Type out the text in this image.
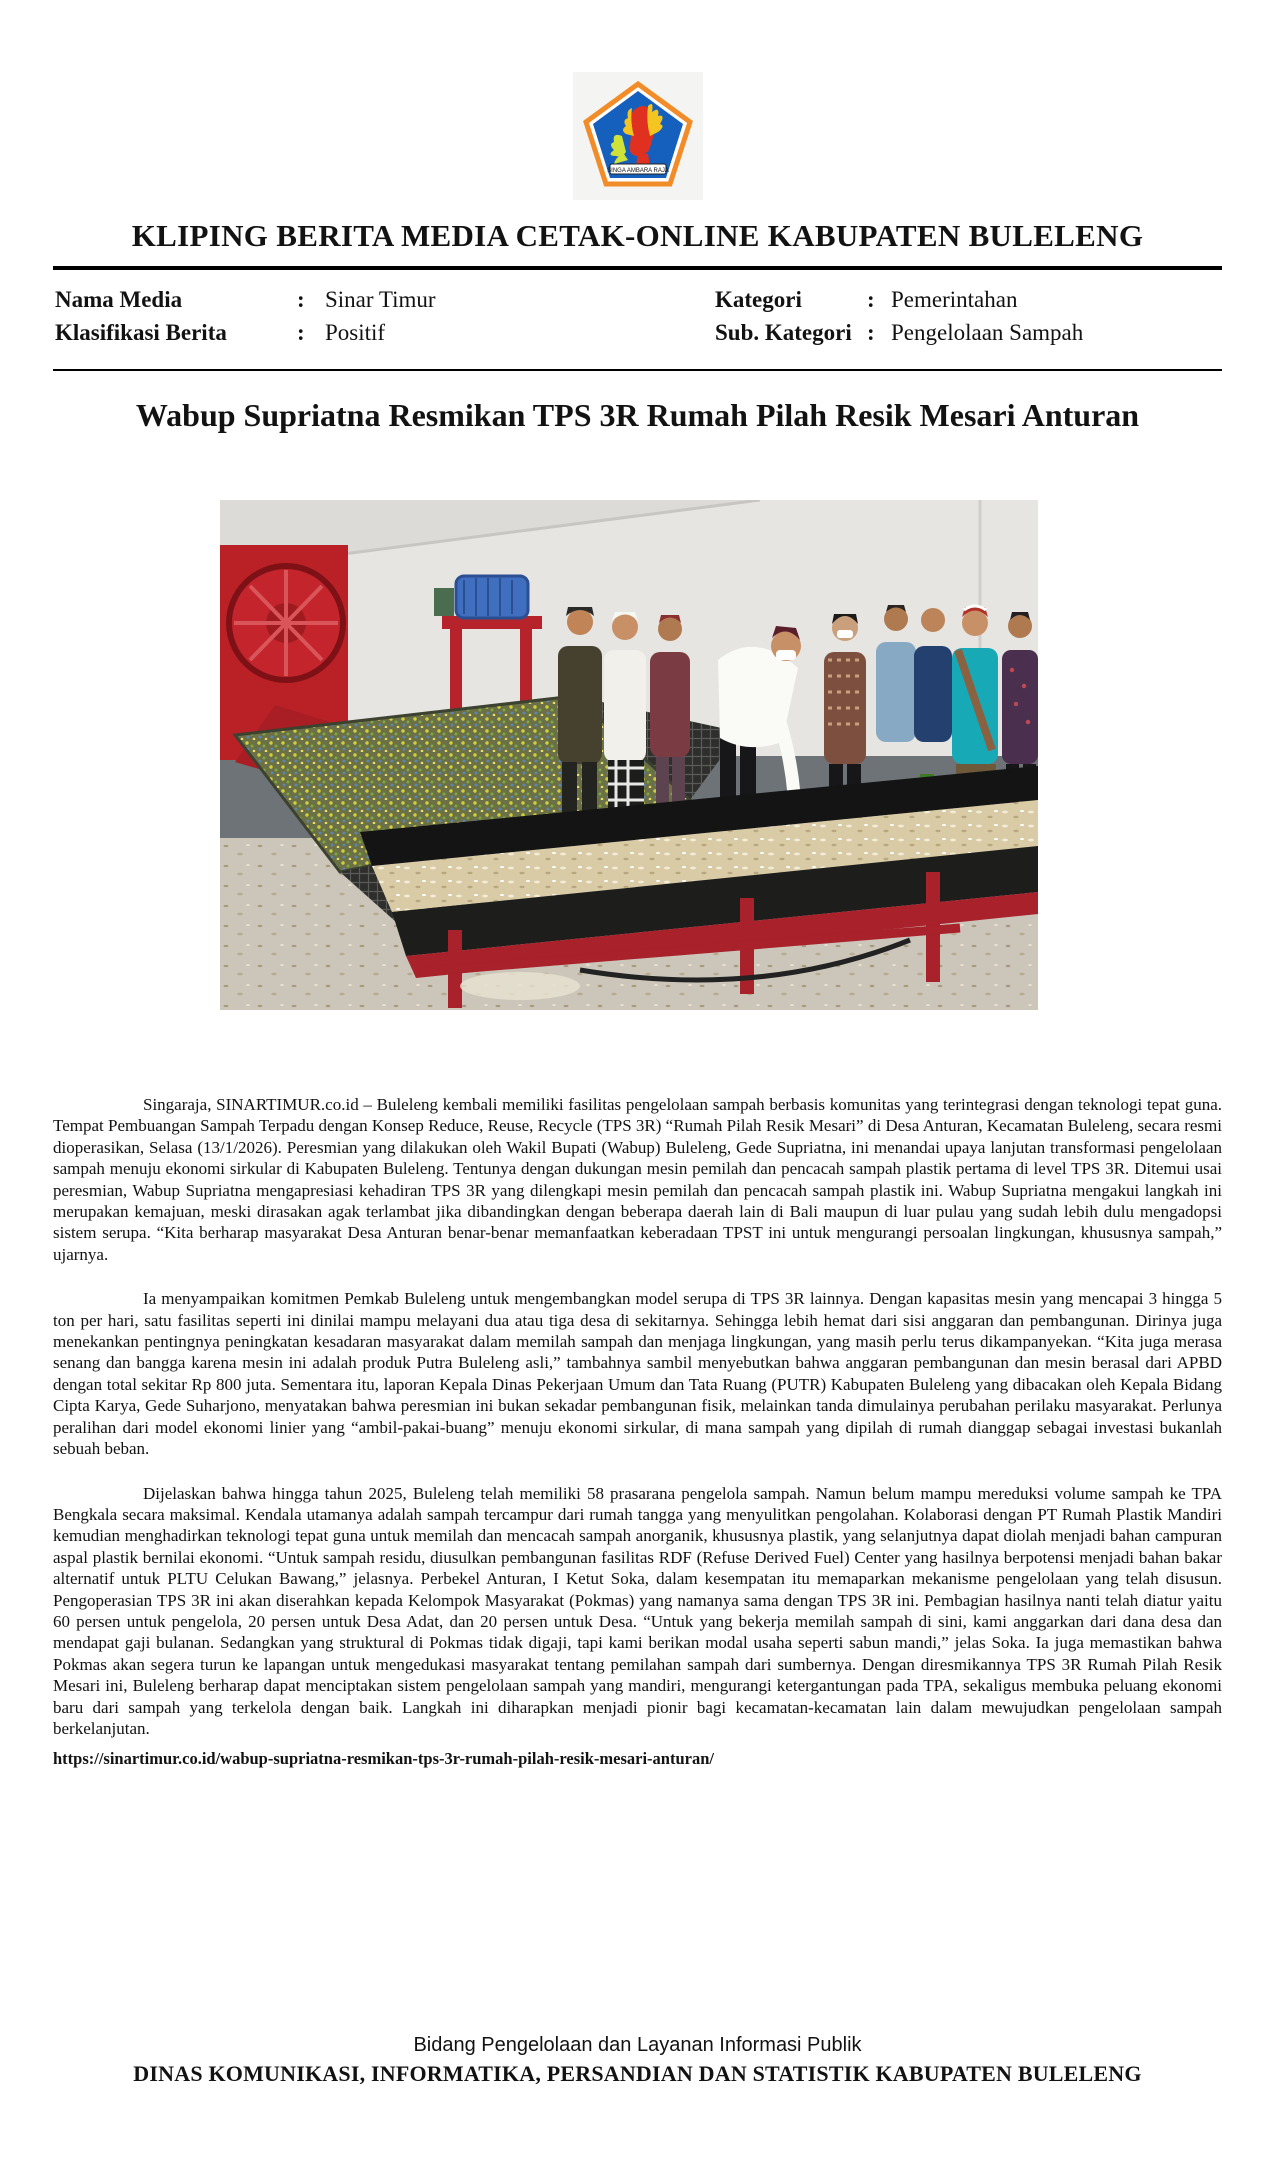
SINGA AMBARA RAJA
KLIPING BERITA MEDIA CETAK-ONLINE KABUPATEN BULELENG
Nama Media	: Sinar Timur
Klasifikasi Berita	: Positif
Kategori	: Pemerintahan
Sub. Kategori : Pengelolaan Sampah
Wabup Supriatna Resmikan TPS 3R Rumah Pilah Resik Mesari Anturan

Singaraja, SINARTIMUR.co.id – Buleleng kembali memiliki fasilitas pengelolaan sampah berbasis komunitas yang terintegrasi dengan teknologi tepat guna. Tempat Pembuangan Sampah Terpadu dengan Konsep Reduce, Reuse, Recycle (TPS 3R) “Rumah Pilah Resik Mesari” di Desa Anturan, Kecamatan Buleleng, secara resmi dioperasikan, Selasa (13/1/2026). Peresmian yang dilakukan oleh Wakil Bupati (Wabup) Buleleng, Gede Supriatna, ini menandai upaya lanjutan transformasi pengelolaan sampah menuju ekonomi sirkular di Kabupaten Buleleng. Tentunya dengan dukungan mesin pemilah dan pencacah sampah plastik pertama di level TPS 3R. Ditemui usai peresmian, Wabup Supriatna mengapresiasi kehadiran TPS 3R yang dilengkapi mesin pemilah dan pencacah sampah plastik ini. Wabup Supriatna mengakui langkah ini merupakan kemajuan, meski dirasakan agak terlambat jika dibandingkan dengan beberapa daerah lain di Bali maupun di luar pulau yang sudah lebih dulu mengadopsi sistem serupa. “Kita berharap masyarakat Desa Anturan benar-benar memanfaatkan keberadaan TPST ini untuk mengurangi persoalan lingkungan, khususnya sampah,” ujarnya.

Ia menyampaikan komitmen Pemkab Buleleng untuk mengembangkan model serupa di TPS 3R lainnya. Dengan kapasitas mesin yang mencapai 3 hingga 5 ton per hari, satu fasilitas seperti ini dinilai mampu melayani dua atau tiga desa di sekitarnya. Sehingga lebih hemat dari sisi anggaran dan pembangunan. Dirinya juga menekankan pentingnya peningkatan kesadaran masyarakat dalam memilah sampah dan menjaga lingkungan, yang masih perlu terus dikampanyekan. “Kita juga merasa senang dan bangga karena mesin ini adalah produk Putra Buleleng asli,” tambahnya sambil menyebutkan bahwa anggaran pembangunan dan mesin berasal dari APBD dengan total sekitar Rp 800 juta. Sementara itu, laporan Kepala Dinas Pekerjaan Umum dan Tata Ruang (PUTR) Kabupaten Buleleng yang dibacakan oleh Kepala Bidang Cipta Karya, Gede Suharjono, menyatakan bahwa peresmian ini bukan sekadar pembangunan fisik, melainkan tanda dimulainya perubahan perilaku masyarakat. Perlunya peralihan dari model ekonomi linier yang “ambil-pakai-buang” menuju ekonomi sirkular, di mana sampah yang dipilah di rumah dianggap sebagai investasi bukanlah sebuah beban.

Dijelaskan bahwa hingga tahun 2025, Buleleng telah memiliki 58 prasarana pengelola sampah. Namun belum mampu mereduksi volume sampah ke TPA Bengkala secara maksimal. Kendala utamanya adalah sampah tercampur dari rumah tangga yang menyulitkan pengolahan. Kolaborasi dengan PT Rumah Plastik Mandiri kemudian menghadirkan teknologi tepat guna untuk memilah dan mencacah sampah anorganik, khususnya plastik, yang selanjutnya dapat diolah menjadi bahan campuran aspal plastik bernilai ekonomi. “Untuk sampah residu, diusulkan pembangunan fasilitas RDF (Refuse Derived Fuel) Center yang hasilnya berpotensi menjadi bahan bakar alternatif untuk PLTU Celukan Bawang,” jelasnya. Perbekel Anturan, I Ketut Soka, dalam kesempatan itu memaparkan mekanisme pengelolaan yang telah disusun. Pengoperasian TPS 3R ini akan diserahkan kepada Kelompok Masyarakat (Pokmas) yang namanya sama dengan TPS 3R ini. Pembagian hasilnya nanti telah diatur yaitu 60 persen untuk pengelola, 20 persen untuk Desa Adat, dan 20 persen untuk Desa. “Untuk yang bekerja memilah sampah di sini, kami anggarkan dari dana desa dan mendapat gaji bulanan. Sedangkan yang struktural di Pokmas tidak digaji, tapi kami berikan modal usaha seperti sabun mandi,” jelas Soka. Ia juga memastikan bahwa Pokmas akan segera turun ke lapangan untuk mengedukasi masyarakat tentang pemilahan sampah dari sumbernya. Dengan diresmikannya TPS 3R Rumah Pilah Resik Mesari ini, Buleleng berharap dapat menciptakan sistem pengelolaan sampah yang mandiri, mengurangi ketergantungan pada TPA, sekaligus membuka peluang ekonomi baru dari sampah yang terkelola dengan baik. Langkah ini diharapkan menjadi pionir bagi kecamatan-kecamatan lain dalam mewujudkan pengelolaan sampah berkelanjutan.

https://sinartimur.co.id/wabup-supriatna-resmikan-tps-3r-rumah-pilah-resik-mesari-anturan/

Bidang Pengelolaan dan Layanan Informasi Publik

DINAS KOMUNIKASI, INFORMATIKA, PERSANDIAN DAN STATISTIK KABUPATEN BULELENG
